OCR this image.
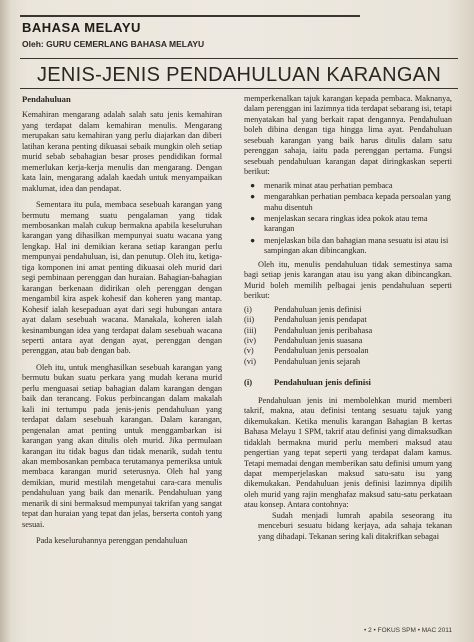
BAHASA MELAYU
Oleh: GURU CEMERLANG BAHASA MELAYU
JENIS-JENIS PENDAHULUAN KARANGAN
Pendahuluan

Kemahiran mengarang adalah salah satu jenis kemahiran yang terdapat dalam kemahiran menulis. Mengarang merupakan satu kemahiran yang perlu diajarkan dan diberi latihan kerana penting dikuasai sebaik mungkin oleh setiap murid sebab sebahagian besar proses pendidikan formal memerlukan kerja-kerja menulis dan mengarang. Dengan kata lain, mengarang adalah kaedah untuk menyampaikan maklumat, idea dan pendapat.

Sementara itu pula, membaca sesebuah karangan yang bermutu memang suatu pengalaman yang tidak membosankan malah cukup bermakna apabila keseluruhan karangan yang dihasilkan mempunyai suatu wacana yang lengkap. Hal ini demikian kerana setiap karangan perlu mempunyai pendahuluan, isi, dan penutup. Oleh itu, ketiga-tiga komponen ini amat penting dikuasai oleh murid dari segi pembinaan perenggan dan huraian. Bahagian-bahagian karangan berkenaan didirikan oleh perenggan dengan mengambil kira aspek kohesif dan koheren yang mantap. Kohesif ialah kesepaduan ayat dari segi hubungan antara ayat dalam sesebuah wacana. Manakala, koheren ialah kesinambungan idea yang terdapat dalam sesebuah wacana seperti antara ayat dengan ayat, perenggan dengan perenggan, atau bab dengan bab.

Oleh itu, untuk menghasilkan sesebuah karangan yang bermutu bukan suatu perkara yang mudah kerana murid perlu menguasai setiap bahagian dalam karangan dengan baik dan terancang. Fokus perbincangan dalam makalah kali ini tertumpu pada jenis-jenis pendahuluan yang terdapat dalam sesebuah karangan. Dalam karangan, pengenalan amat penting untuk menggambarkan isi karangan yang akan ditulis oleh murid. Jika permulaan karangan itu tidak bagus dan tidak menarik, sudah tentu akan membosankan pembaca terutamanya pemeriksa untuk membaca karangan murid seterusnya. Oleh hal yang demikian, murid mestilah mengetahui cara-cara menulis pendahuluan yang baik dan menarik. Pendahuluan yang menarik di sini bermaksud mempunyai takrifan yang sangat tepat dan huraian yang tepat dan jelas, berserta contoh yang sesuai.

Pada keseluruhannya perenggan pendahuluan

memperkenalkan tajuk karangan kepada pembaca. Maknanya, dalam perenggan ini lazimnya tida terdapat sebarang isi, tetapi menyatakan hal yang berkait rapat dengannya. Pendahuluan boleh dibina dengan tiga hingga lima ayat. Pendahuluan sesebuah karangan yang baik harus ditulis dalam satu perenggan sahaja, iaitu pada perenggan pertama. Fungsi sesebuah pendahuluan karangan dapat diringkaskan seperti berikut:

● menarik minat atau perhatian pembaca
● mengarahkan perhatian pembaca kepada persoalan yang mahu disentuh
● menjelaskan secara ringkas idea pokok atau tema karangan
● menjelaskan bila dan bahagian mana sesuatu isi atau isi sampingan akan dibincangkan.

Oleh itu, menulis pendahuluan tidak semestinya sama bagi setiap jenis karangan atau isu yang akan dibincangkan. Murid boleh memilih pelbagai jenis pendahuluan seperti berikut:

(i)	Pendahuluan jenis definisi
(ii)	Pendahuluan jenis pendapat
(iii)	Pendahuluan jenis peribahasa
(iv)	Pendahuluan jenis suasana
(v)	Pendahuluan jenis persoalan
(vi)	Pendahuluan jenis sejarah
(i)	Pendahuluan jenis definisi

Pendahuluan jenis ini membolehkan murid memberi takrif, makna, atau definisi tentang sesuatu tajuk yang dikemukakan. Ketika menulis karangan Bahagian B kertas Bahasa Melayu 1 SPM, takrif atau definisi yang dimaksudkan tidaklah bermakna murid perlu memberi maksud atau pengertian yang tepat seperti yang terdapat dalam kamus. Tetapi memadai dengan memberikan satu definisi umum yang dapat memperjelaskan maksud satu-satu isu yang dikemukakan. Pendahuluan jenis definisi lazimnya dipilih oleh murid yang rajin menghafaz maksud satu-satu perkataan atau konsep. Antara contohnya:

Sudah menjadi lumrah apabila seseorang itu menceburi sesuatu bidang kerjaya, ada sahaja tekanan yang dihadapi. Tekanan sering kali ditakrifkan sebagai

• 2 • FOKUS SPM • MAC 2011
